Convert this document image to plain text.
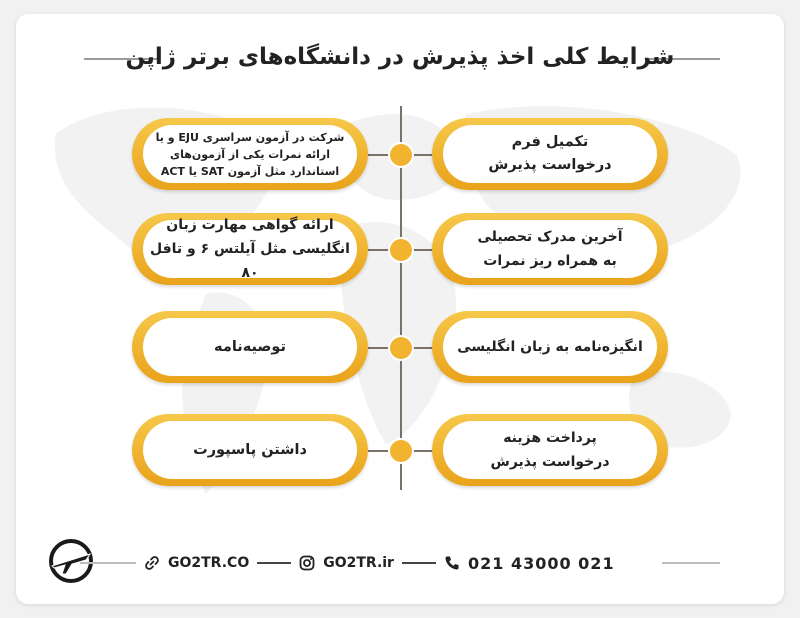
شرایط کلی اخذ پذیرش در دانشگاه‌های برتر ژاپن
شرکت در آزمون سراسری EJU و یا
ارائه نمرات یکی از آزمون‌های
استاندارد مثل آزمون SAT یا ACT
ارائه گواهی مهارت زبان
انگلیسی مثل آیلتس ۶ و تافل ۸۰
توصیه‌نامه
داشتن پاسپورت
تکمیل فرم
درخواست پذیرش
آخرین مدرک تحصیلی
به همراه ریز نمرات
انگیزه‌نامه به زبان انگلیسی
پرداخت هزینه
درخواست پذیرش
GO2TR.CO	GO2TR.ir	021 43000 021
